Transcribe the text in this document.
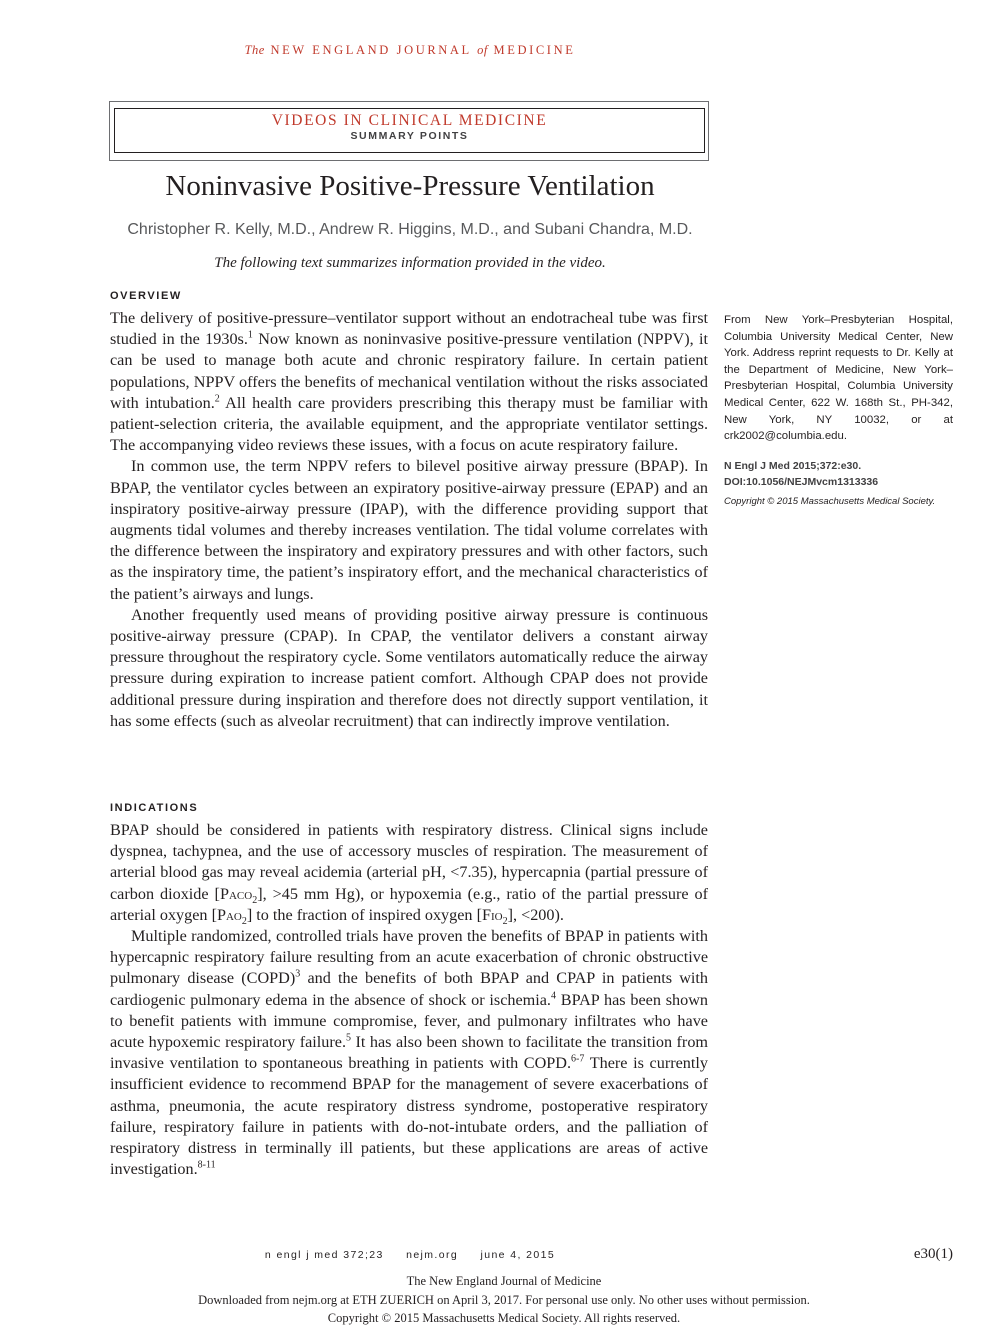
The NEW ENGLAND JOURNAL of MEDICINE
VIDEOS IN CLINICAL MEDICINE
SUMMARY POINTS
Noninvasive Positive-Pressure Ventilation
Christopher R. Kelly, M.D., Andrew R. Higgins, M.D., and Subani Chandra, M.D.
The following text summarizes information provided in the video.
OVERVIEW

The delivery of positive-pressure–ventilator support without an endotracheal tube was first studied in the 1930s.$^1$ Now known as noninvasive positive-pressure ventilation (NPPV), it can be used to manage both acute and chronic respiratory failure. In certain patient populations, NPPV offers the benefits of mechanical ventilation without the risks associated with intubation.$^2$ All health care providers prescribing this therapy must be familiar with patient-selection criteria, the available equipment, and the appropriate ventilator settings. The accompanying video reviews these issues, with a focus on acute respiratory failure.

In common use, the term NPPV refers to bilevel positive airway pressure (BPAP). In BPAP, the ventilator cycles between an expiratory positive-airway pressure (EPAP) and an inspiratory positive-airway pressure (IPAP), with the difference providing support that augments tidal volumes and thereby increases ventilation. The tidal volume correlates with the difference between the inspiratory and expiratory pressures and with other factors, such as the inspiratory time, the patient’s inspiratory effort, and the mechanical characteristics of the patient’s airways and lungs.

Another frequently used means of providing positive airway pressure is continuous positive-airway pressure (CPAP). In CPAP, the ventilator delivers a constant airway pressure throughout the respiratory cycle. Some ventilators automatically reduce the airway pressure during expiration to increase patient comfort. Although CPAP does not provide additional pressure during inspiration and therefore does not directly support ventilation, it has some effects (such as alveolar recruitment) that can indirectly improve ventilation.

INDICATIONS

BPAP should be considered in patients with respiratory distress. Clinical signs include dyspnea, tachypnea, and the use of accessory muscles of respiration. The measurement of arterial blood gas may reveal acidemia (arterial pH, <7.35), hypercapnia (partial pressure of carbon dioxide [Paco$_2$], >45 mm Hg), or hypoxemia (e.g., ratio of the partial pressure of arterial oxygen [Pao$_2$] to the fraction of inspired oxygen [Fio$_2$], <200).

Multiple randomized, controlled trials have proven the benefits of BPAP in patients with hypercapnic respiratory failure resulting from an acute exacerbation of chronic obstructive pulmonary disease (COPD)$^3$ and the benefits of both BPAP and CPAP in patients with cardiogenic pulmonary edema in the absence of shock or ischemia.$^4$ BPAP has been shown to benefit patients with immune compromise, fever, and pulmonary infiltrates who have acute hypoxemic respiratory failure.$^5$ It has also been shown to facilitate the transition from invasive ventilation to spontaneous breathing in patients with COPD.$^{6-7}$ There is currently insufficient evidence to recommend BPAP for the management of severe exacerbations of asthma, pneumonia, the acute respiratory distress syndrome, postoperative respiratory failure, respiratory failure in patients with do-not-intubate orders, and the palliation of respiratory distress in terminally ill patients, but these applications are areas of active investigation.$^{8-11}$

From New York–Presbyterian Hospital, Columbia University Medical Center, New York. Address reprint requests to Dr. Kelly at the Department of Medicine, New York–Presbyterian Hospital, Columbia University Medical Center, 622 W. 168th St., PH-342, New York, NY 10032, or at crk2002@columbia.edu.
N Engl J Med 2015;372:e30.
DOI:10.1056/NEJMvcm1313336
Copyright © 2015 Massachusetts Medical Society.
n engl j med 372;23 nejm.org june 4, 2015	e30(1)
The New England Journal of Medicine
Downloaded from nejm.org at ETH ZUERICH on April 3, 2017. For personal use only. No other uses without permission.
Copyright © 2015 Massachusetts Medical Society. All rights reserved.
